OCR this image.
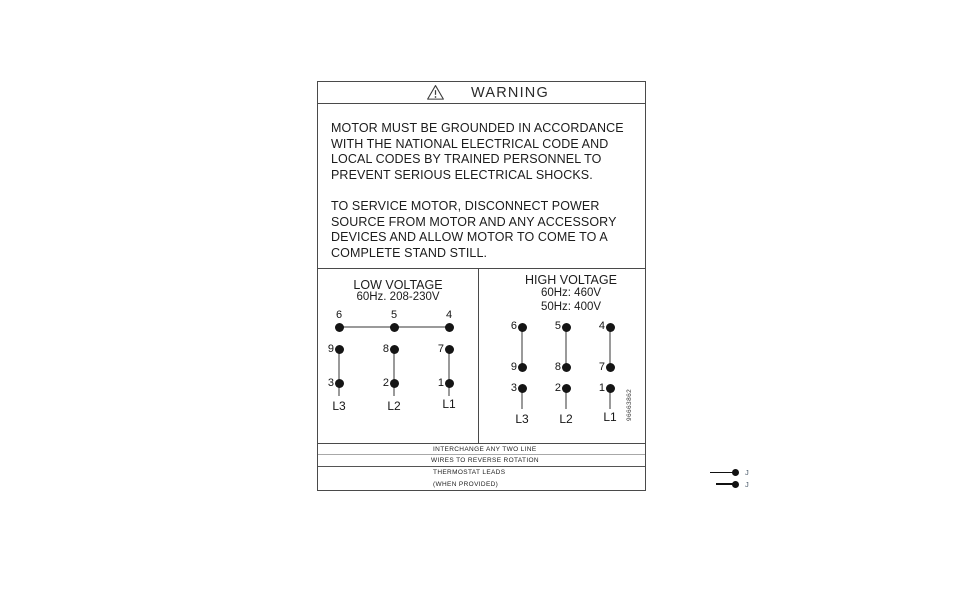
WARNING

MOTOR MUST BE GROUNDED IN ACCORDANCE
WITH THE NATIONAL ELECTRICAL CODE AND
LOCAL CODES BY TRAINED PERSONNEL TO
PREVENT SERIOUS ELECTRICAL SHOCKS.

TO SERVICE MOTOR, DISCONNECT POWER
SOURCE FROM MOTOR AND ANY ACCESSORY
DEVICES AND ALLOW MOTOR TO COME TO A
COMPLETE STAND STILL.

LOW VOLTAGE
60Hz. 208-230V
6	5	4
9	8	7
3	2	1
L3	L2	L1
HIGH VOLTAGE
60Hz: 460V
50Hz: 400V
6	5	4
9	8	7
3	2	1
L3	L2	L1	96663862
INTERCHANGE ANY TWO LINE
WIRES TO REVERSE ROTATION
THERMOSTAT LEADS	J
(WHEN PROVIDED)	J
